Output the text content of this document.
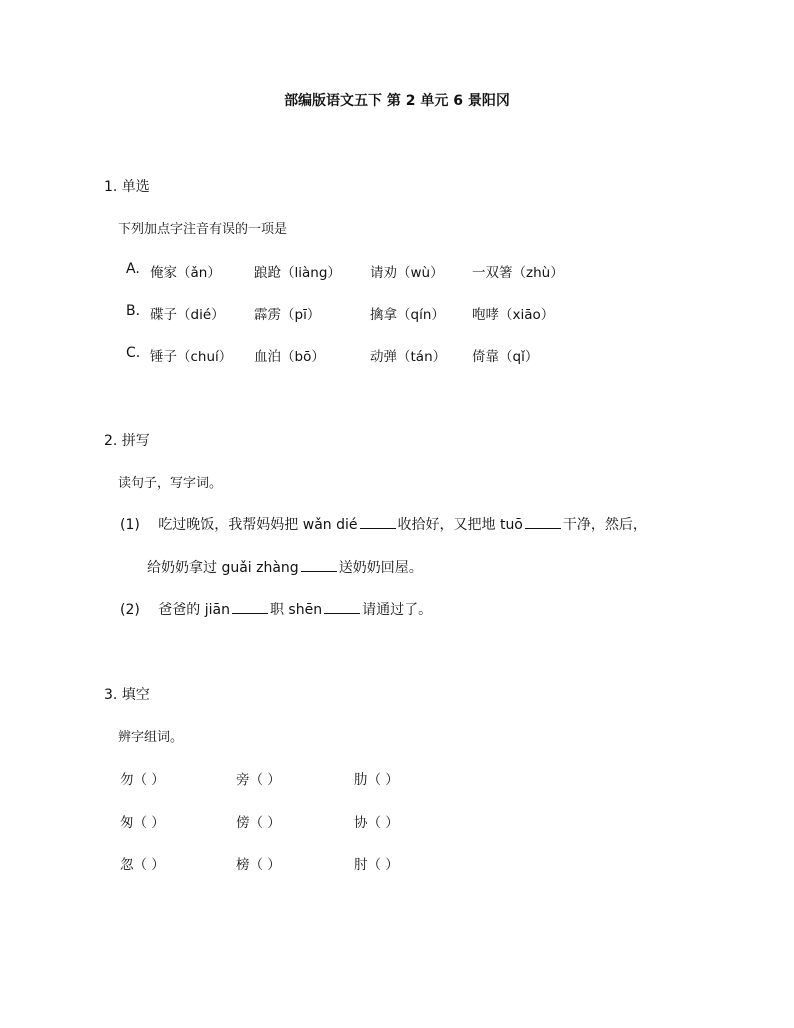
部编版语文五下 第 2 单元 6 景阳冈
1. 单选
下列加点字注音有误的一项是
A. 俺家（ǎn） 踉跄（liàng） 请劝（wù） 一双箸（zhù）
B. 碟子（dié） 霹雳（pī）	擒拿（qín） 咆哮（xiāo）
C. 锤子（chuí） 血泊（bō）	动弹（tán） 倚靠（qǐ）
2. 拼写
读句子，写字词。
(1) 吃过晚饭，我帮妈妈把 wǎn dié	收拾好，又把地 tuō	干净，然后，
给奶奶拿过 guǎi zhàng	送奶奶回屋。
(2) 爸爸的 jiān	职 shēn	请通过了。
3. 填空
辨字组词。
勿（ ）	旁（ ）	肋（ ）
匆（ ）	傍（ ）	协（ ）
忽（ ）	榜（ ）	肘（ ）
